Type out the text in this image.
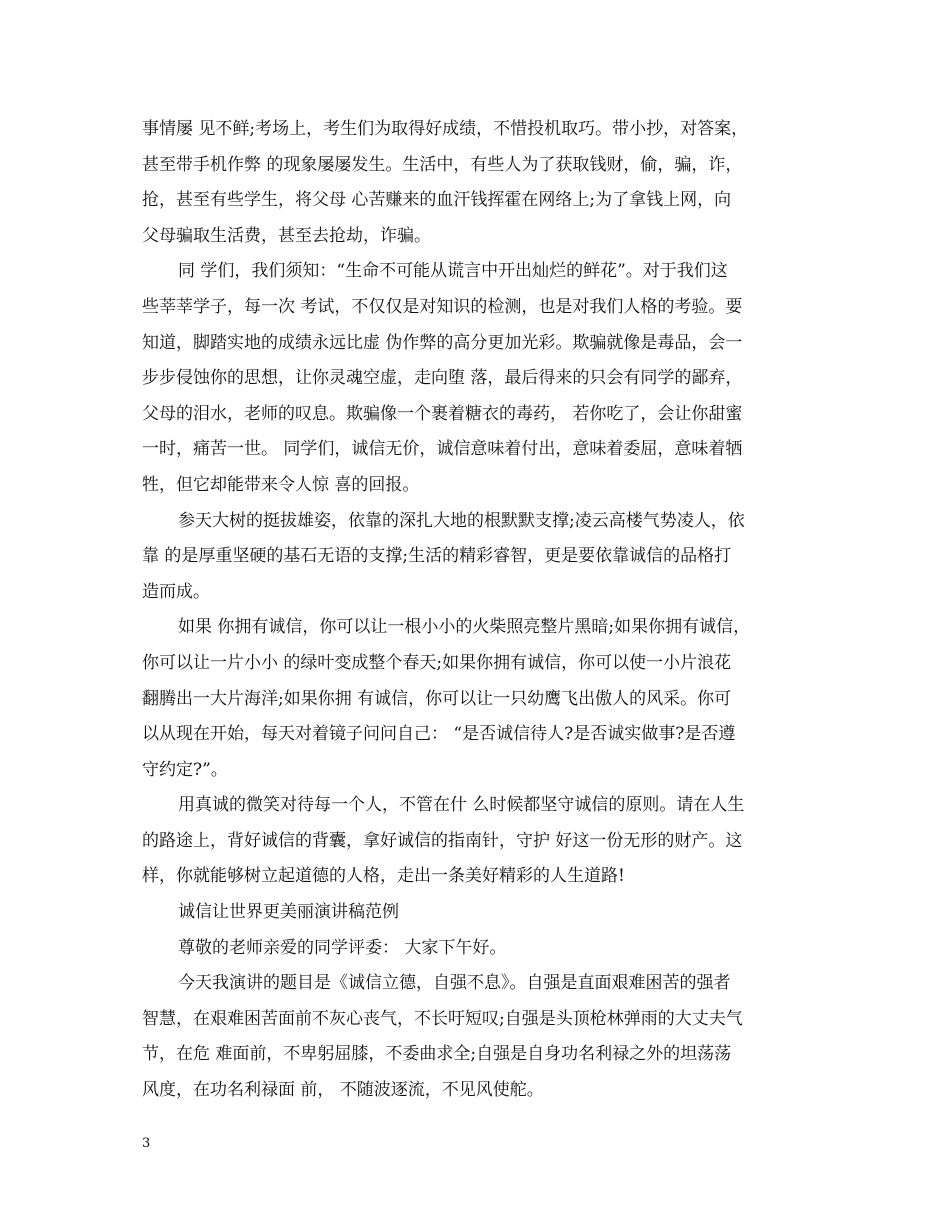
事情屡 见不鲜;考场上，考生们为取得好成绩，不惜投机取巧。带小抄，对答案，
甚至带手机作弊 的现象屡屡发生。生活中，有些人为了获取钱财，偷，骗，诈，
抢，甚至有些学生，将父母 心苦赚来的血汗钱挥霍在网络上;为了拿钱上网，向
父母骗取生活费，甚至去抢劫，诈骗。
同 学们，我们须知：“生命不可能从谎言中开出灿烂的鲜花”。对于我们这
些莘莘学子，每一次 考试，不仅仅是对知识的检测，也是对我们人格的考验。要
知道，脚踏实地的成绩永远比虚 伪作弊的高分更加光彩。欺骗就像是毒品，会一
步步侵蚀你的思想，让你灵魂空虚，走向堕 落，最后得来的只会有同学的鄙弃，
父母的泪水，老师的叹息。欺骗像一个裹着糖衣的毒药， 若你吃了，会让你甜蜜
一时，痛苦一世。 同学们，诚信无价，诚信意味着付出，意味着委屈，意味着牺
牲，但它却能带来令人惊 喜的回报。
参天大树的挺拔雄姿，依靠的深扎大地的根默默支撑;凌云高楼气势凌人，依
靠 的是厚重坚硬的基石无语的支撑;生活的精彩睿智，更是要依靠诚信的品格打
造而成。
如果 你拥有诚信，你可以让一根小小的火柴照亮整片黑暗;如果你拥有诚信，
你可以让一片小小 的绿叶变成整个春天;如果你拥有诚信，你可以使一小片浪花
翻腾出一大片海洋;如果你拥 有诚信，你可以让一只幼鹰飞出傲人的风采。你可
以从现在开始，每天对着镜子问问自己： “是否诚信待人?是否诚实做事?是否遵
守约定?”。
用真诚的微笑对待每一个人，不管在什 么时候都坚守诚信的原则。请在人生
的路途上，背好诚信的背囊，拿好诚信的指南针，守护 好这一份无形的财产。这
样，你就能够树立起道德的人格，走出一条美好精彩的人生道路!
诚信让世界更美丽演讲稿范例
尊敬的老师亲爱的同学评委： 大家下午好。
今天我演讲的题目是《诚信立德，自强不息》。自强是直面艰难困苦的强者
智慧，在艰难困苦面前不灰心丧气，不长吁短叹;自强是头顶枪林弹雨的大丈夫气
节，在危 难面前，不卑躬屈膝，不委曲求全;自强是自身功名利禄之外的坦荡荡
风度，在功名利禄面 前， 不随波逐流，不见风使舵。
3
